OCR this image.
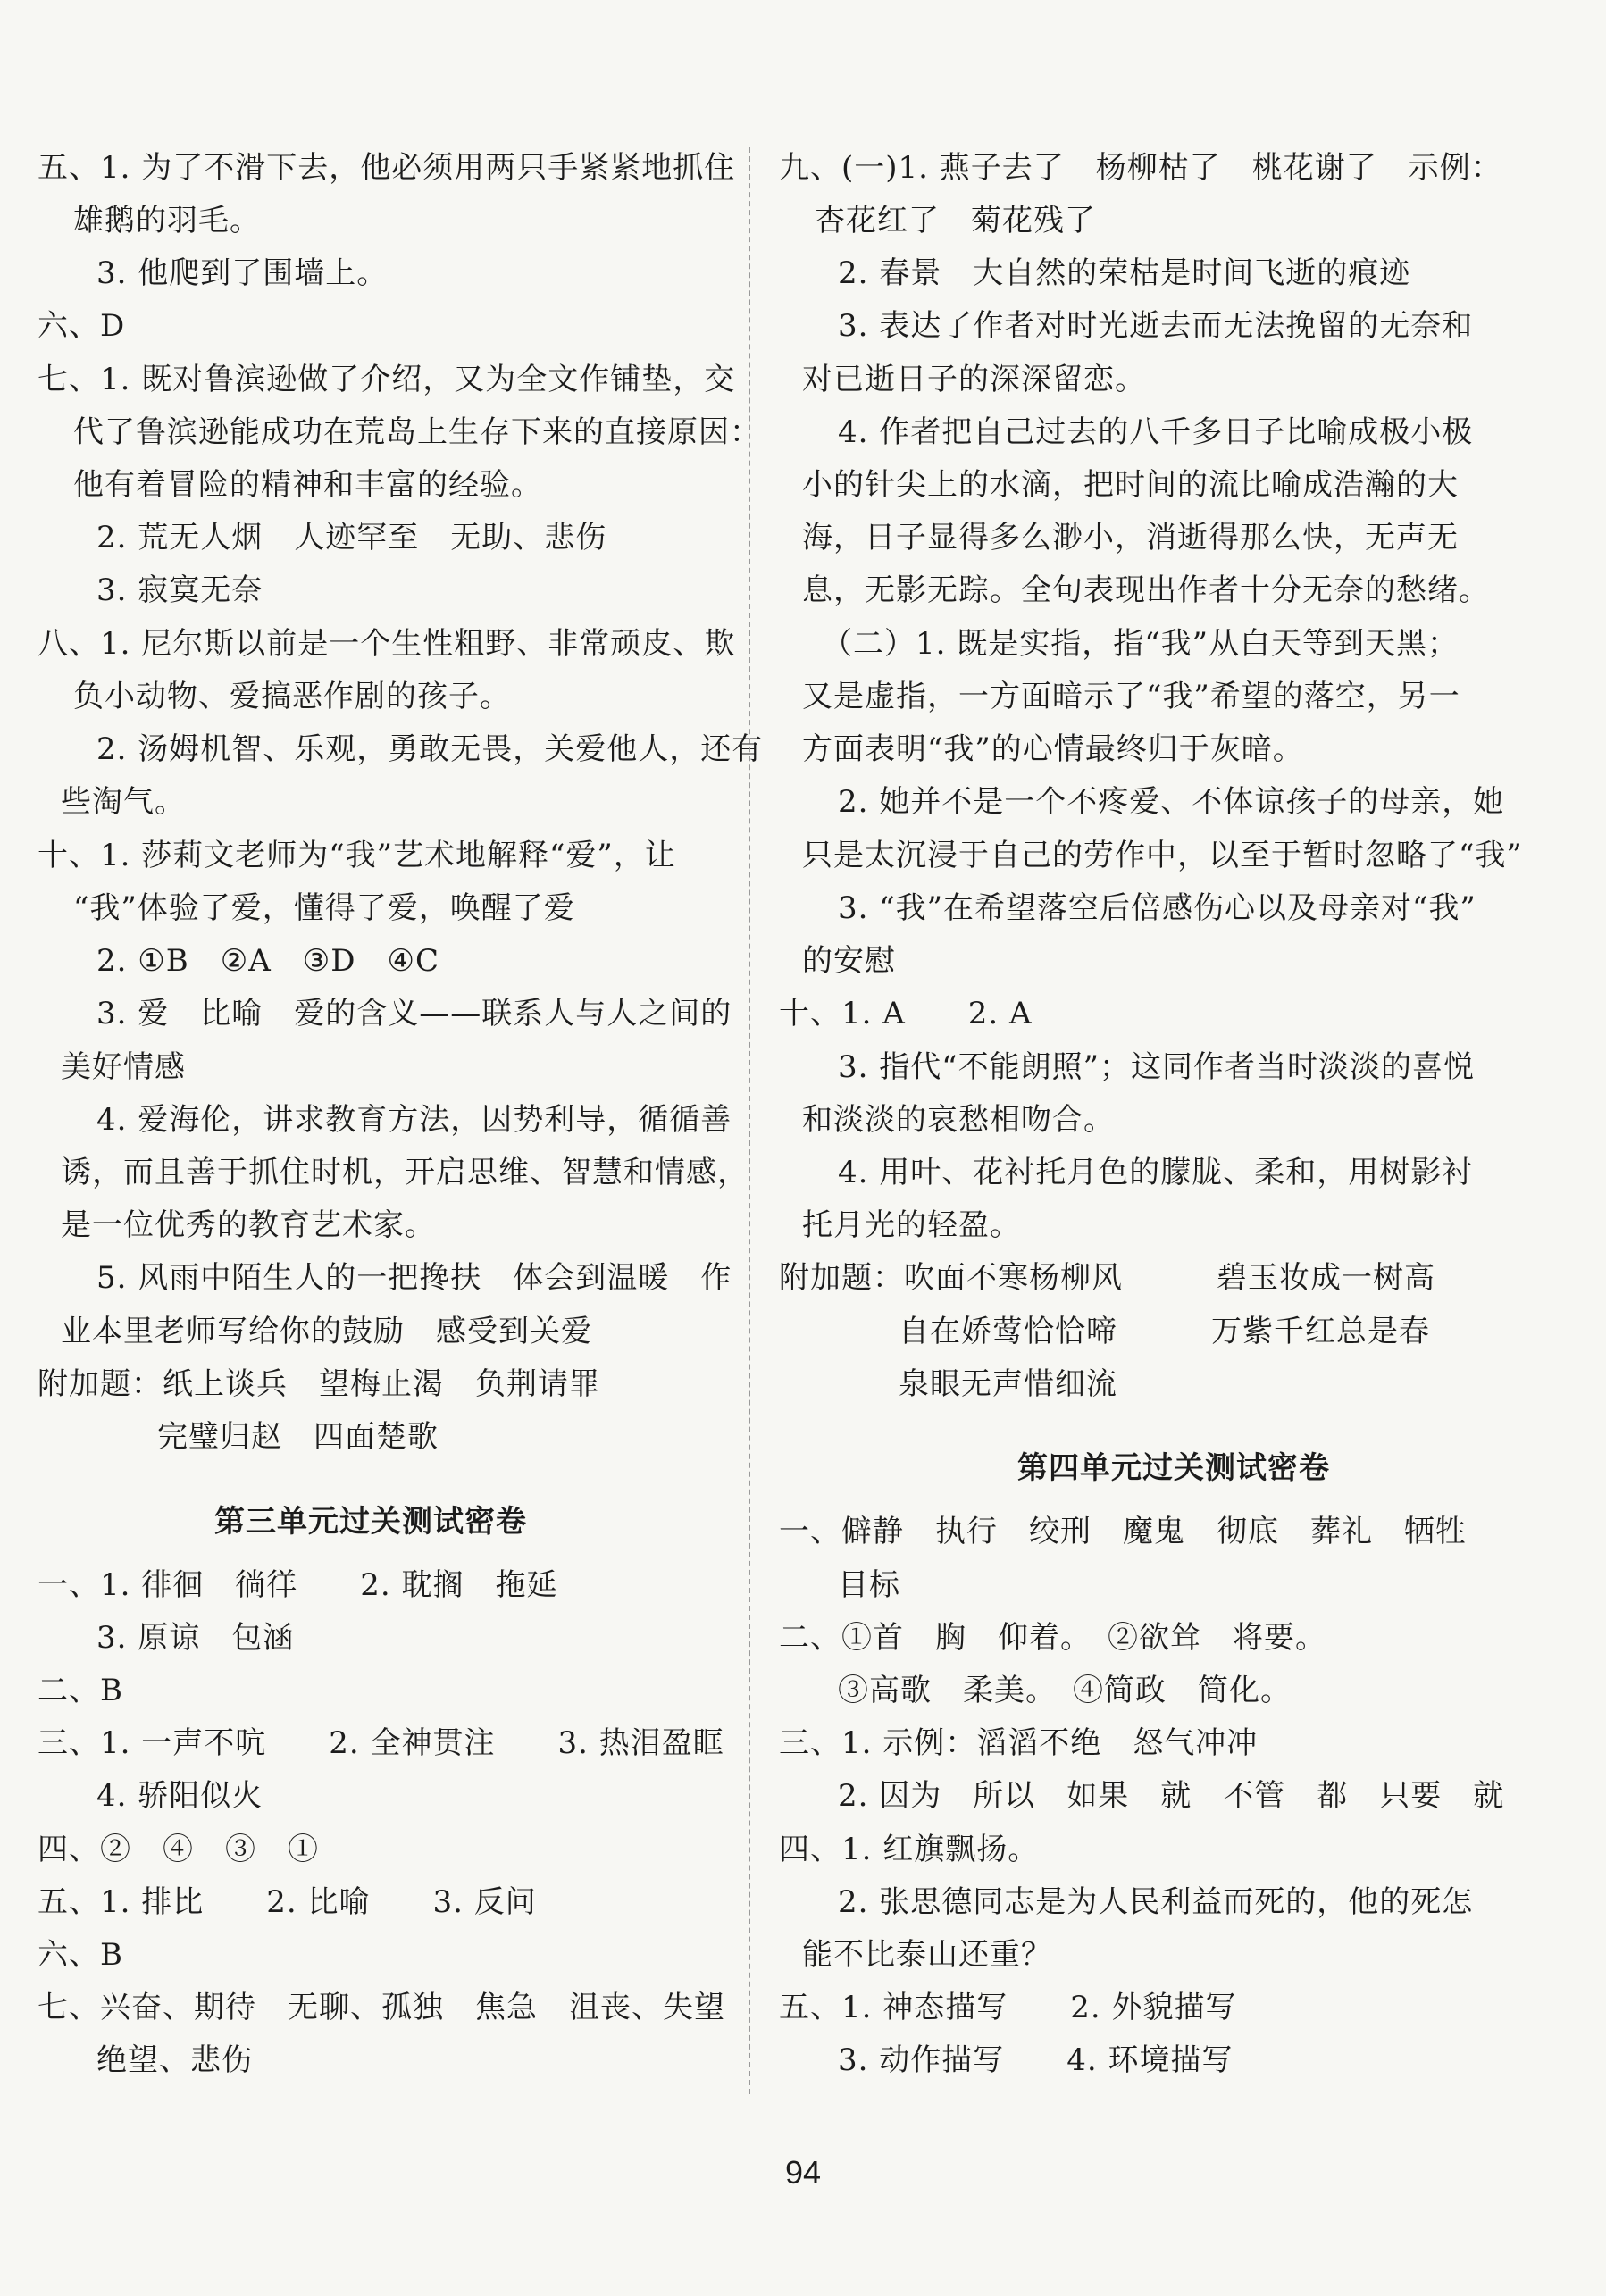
五、1. 为了不滑下去，他必须用两只手紧紧地抓住
雄鹅的羽毛。
3. 他爬到了围墙上。
六、D
七、1. 既对鲁滨逊做了介绍，又为全文作铺垫，交
代了鲁滨逊能成功在荒岛上生存下来的直接原因：
他有着冒险的精神和丰富的经验。
2. 荒无人烟　人迹罕至　无助、悲伤
3. 寂寞无奈
八、1. 尼尔斯以前是一个生性粗野、非常顽皮、欺
负小动物、爱搞恶作剧的孩子。
2. 汤姆机智、乐观，勇敢无畏，关爱他人，还有
些淘气。
十、1. 莎莉文老师为“我”艺术地解释“爱”，让
“我”体验了爱，懂得了爱，唤醒了爱
2. ①B　②A　③D　④C
3. 爱　比喻　爱的含义——联系人与人之间的
美好情感
4. 爱海伦，讲求教育方法，因势利导，循循善
诱，而且善于抓住时机，开启思维、智慧和情感，
是一位优秀的教育艺术家。
5. 风雨中陌生人的一把搀扶　体会到温暖　作
业本里老师写给你的鼓励　感受到关爱
附加题：纸上谈兵　望梅止渴　负荆请罪
完璧归赵　四面楚歌
第三单元过关测试密卷
一、1. 徘徊　徜徉　　2. 耽搁　拖延
3. 原谅　包涵
二、B
三、1. 一声不吭　　2. 全神贯注　　3. 热泪盈眶
4. 骄阳似火
四、②　④　③　①
五、1. 排比　　2. 比喻　　3. 反问
六、B
七、兴奋、期待　无聊、孤独　焦急　沮丧、失望
绝望、悲伤
九、(一)1. 燕子去了　杨柳枯了　桃花谢了　示例：
杏花红了　菊花残了
2. 春景　大自然的荣枯是时间飞逝的痕迹
3. 表达了作者对时光逝去而无法挽留的无奈和
对已逝日子的深深留恋。
4. 作者把自己过去的八千多日子比喻成极小极
小的针尖上的水滴，把时间的流比喻成浩瀚的大
海，日子显得多么渺小，消逝得那么快，无声无
息，无影无踪。全句表现出作者十分无奈的愁绪。
（二）1. 既是实指，指“我”从白天等到天黑；
又是虚指，一方面暗示了“我”希望的落空，另一
方面表明“我”的心情最终归于灰暗。
2. 她并不是一个不疼爱、不体谅孩子的母亲，她
只是太沉浸于自己的劳作中，以至于暂时忽略了“我”
3. “我”在希望落空后倍感伤心以及母亲对“我”
的安慰
十、1. A　　2. A
3. 指代“不能朗照”；这同作者当时淡淡的喜悦
和淡淡的哀愁相吻合。
4. 用叶、花衬托月色的朦胧、柔和，用树影衬
托月光的轻盈。
附加题：吹面不寒杨柳风　　　碧玉妆成一树高
自在娇莺恰恰啼　　　万紫千红总是春
泉眼无声惜细流
第四单元过关测试密卷
一、僻静　执行　绞刑　魔鬼　彻底　葬礼　牺牲
目标
二、①首　胸　仰着。　②欲耸　将要。
③高歌　柔美。　④简政　简化。
三、1. 示例：滔滔不绝　怒气冲冲
2. 因为　所以　如果　就　不管　都　只要　就
四、1. 红旗飘扬。
2. 张思德同志是为人民利益而死的，他的死怎
能不比泰山还重？
五、1. 神态描写　　2. 外貌描写
3. 动作描写　　4. 环境描写
94
